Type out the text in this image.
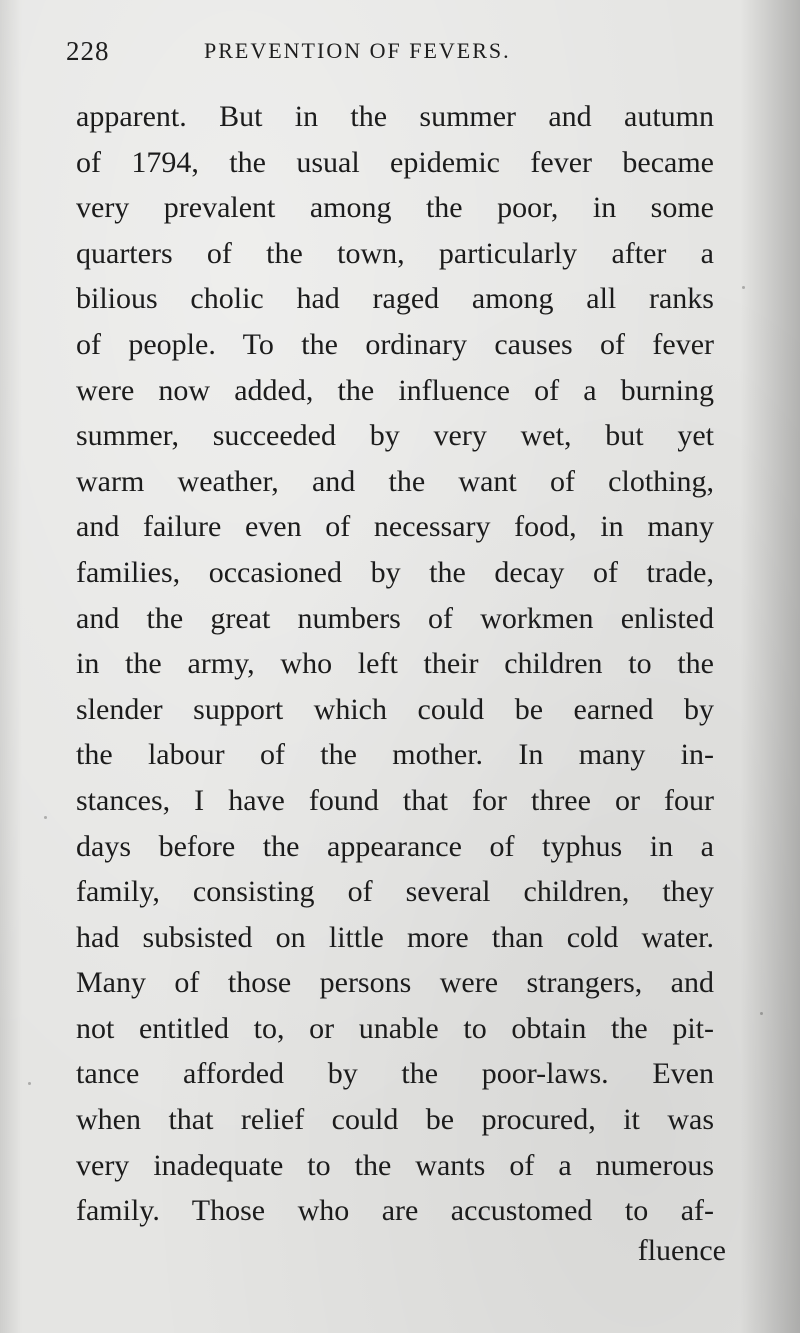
228	PREVENTION OF FEVERS.
apparent. But in the summer and autumn
of 1794, the usual epidemic fever became
very prevalent among the poor, in some
quarters of the town, particularly after a
bilious cholic had raged among all ranks
of people. To the ordinary causes of fever
were now added, the influence of a burning
summer, succeeded by very wet, but yet
warm weather, and the want of clothing,
and failure even of necessary food, in many
families, occasioned by the decay of trade,
and the great numbers of workmen enlisted
in the army, who left their children to the
slender support which could be earned by
the labour of the mother. In many in-
stances, I have found that for three or four
days before the appearance of typhus in a
family, consisting of several children, they
had subsisted on little more than cold water.
Many of those persons were strangers, and
not entitled to, or unable to obtain the pit-
tance afforded by the poor-laws. Even
when that relief could be procured, it was
very inadequate to the wants of a numerous
family. Those who are accustomed to af-
fluence
